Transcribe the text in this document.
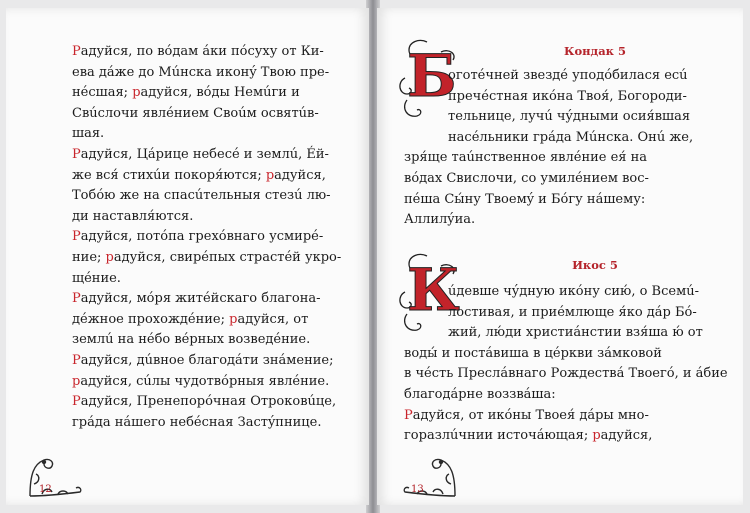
Радуйся, по вóдам áки пóсуху от Ки-
ева дáже до Мúнска иконý Твою пре-
нéсшая; радуйся, вóды Немúги и
Свúслочи явлéнием Своúм освятúв-
шая.
Радуйся, Цáрице небесé и землú, Éй-
же вся́ стихúи покоря́ются; радуйся,
Тобóю же на спасúтельныя стезú лю-
ди наставля́ются.
Радуйся, потóпа грехóвнаго усмирé-
ние; радуйся, свирéпых страстéй укро-
щéние.
Радуйся, мóря житéйскаго благона-
дéжное прохождéние; радуйся, от
землú на нéбо вéрных возведéние.
Радуйся, дúвное благодáти знáмение;
радуйся, сúлы чудотвóрныя явлéние.
Радуйся, Пренепорóчная Отроковúце,
грáда нáшего небéсная Застýпнице.
12
Кондак 5
Б
оготéчней звездé уподóбилася есú
пречéстная икóна Твоя́, Богороди-
тельнице, лучú чýдными осия́вшая
насéльники грáда Мúнска. Онú же,
зря́ще таúнственное явлéние ея́ на
вóдах Свислочи, со умилéнием вос-
пéша Сы́ну Твоемý и Бóгу нáшему:
Аллилýиа.
Икос 5
К
úдевше чýдную икóну сию́, о Всемú-
лостивая, и приéмлюще я́ко дáр Бó-
жий, лю́ди христиáнстии взя́ша ю́ от
воды́ и постáвиша в цéркви зáмковой
в чéсть Преслáвнаго Рождествá Твоегó, и áбие благодáрне воззвáша:
Радуйся, от икóны Твоея́ дáры мно-
горазлúчнии источáющая; радуйся,
13
